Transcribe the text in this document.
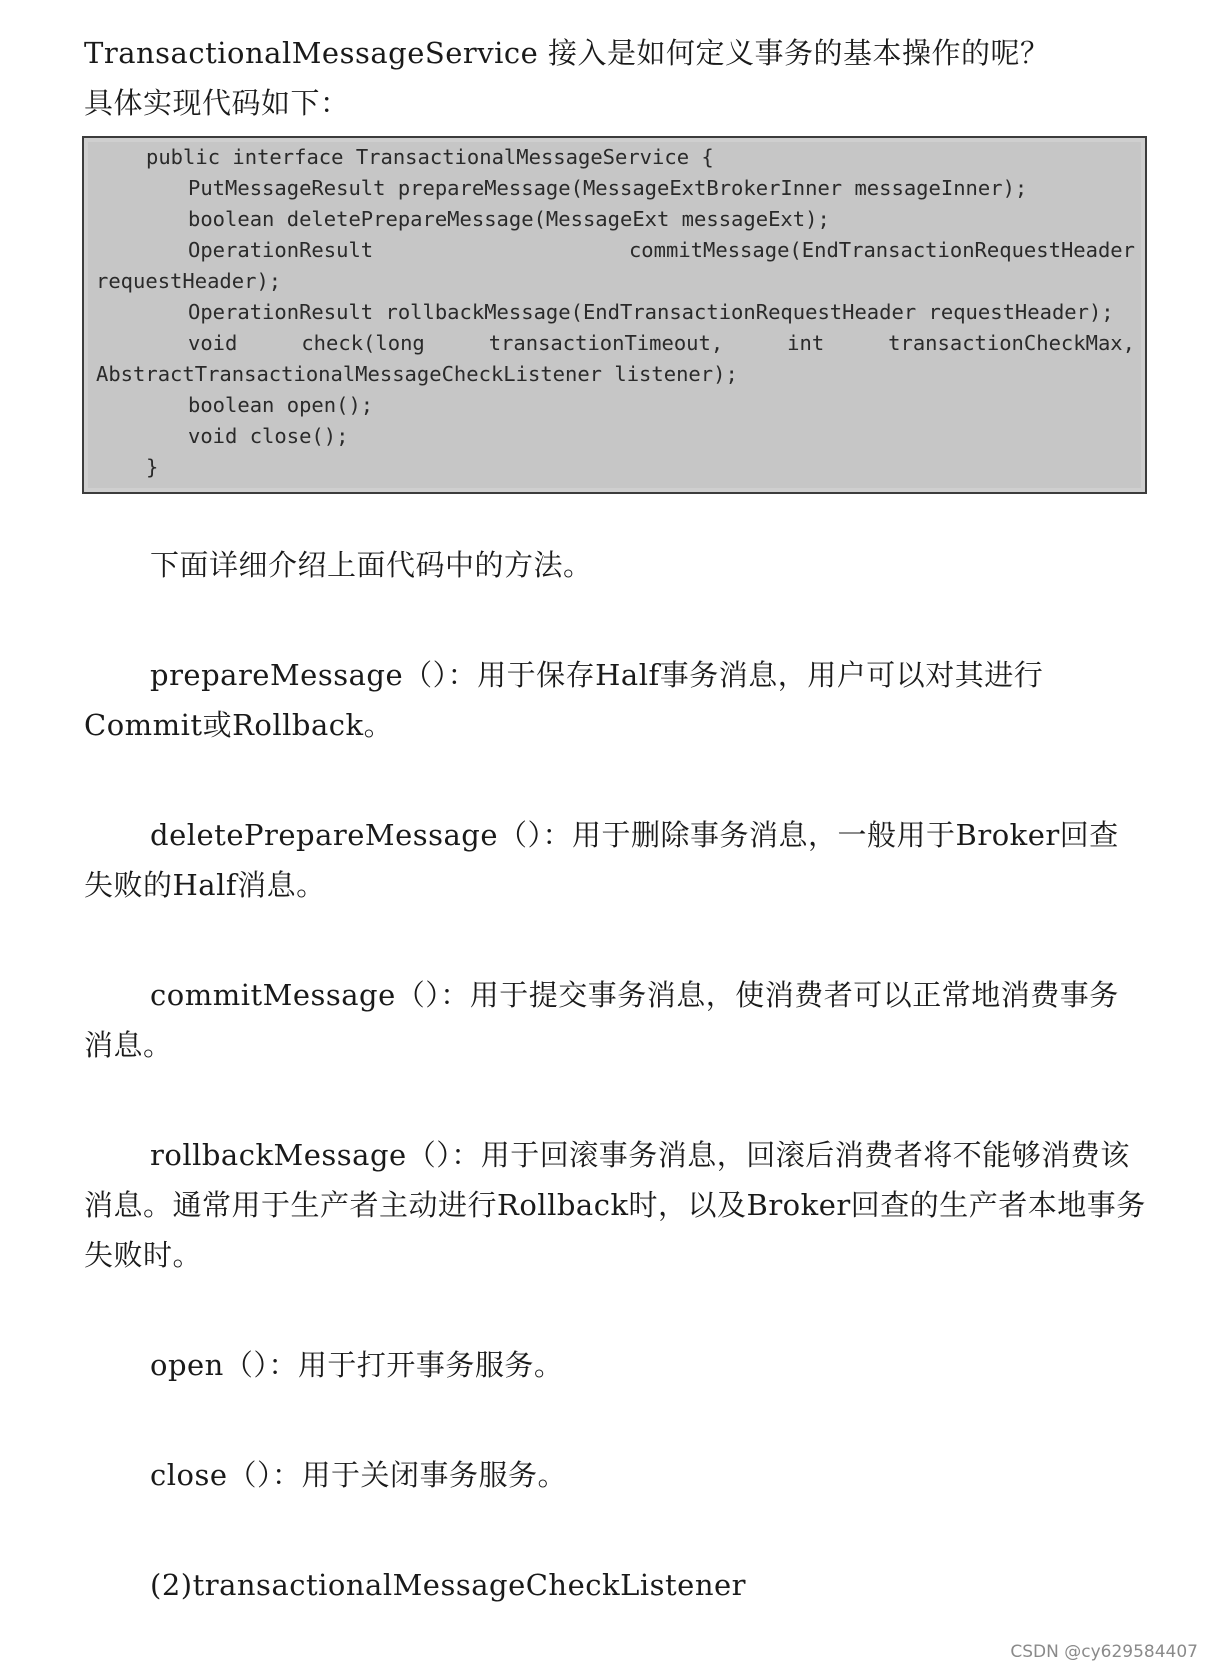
TransactionalMessageService 接入是如何定义事务的基本操作的呢？
具体实现代码如下：

public interface TransactionalMessageService {
PutMessageResult prepareMessage(MessageExtBrokerInner messageInner);
boolean deletePrepareMessage(MessageExt messageExt);
OperationResult	commitMessage(EndTransactionRequestHeader
requestHeader);
OperationResult rollbackMessage(EndTransactionRequestHeader requestHeader);
void	check(long	transactionTimeout,	int	transactionCheckMax,
AbstractTransactionalMessageCheckListener listener);
boolean open();
void close();
}

下面详细介绍上面代码中的方法。

prepareMessage（）：用于保存Half事务消息，用户可以对其进行Commit或Rollback。

deletePrepareMessage（）：用于删除事务消息，一般用于Broker回查失败的Half消息。

commitMessage（）：用于提交事务消息，使消费者可以正常地消费事务消息。

rollbackMessage（）：用于回滚事务消息，回滚后消费者将不能够消费该消息。通常用于生产者主动进行Rollback时，以及Broker回查的生产者本地事务失败时。

open（）：用于打开事务服务。

close（）：用于关闭事务服务。

(2)transactionalMessageCheckListener

CSDN @cy629584407
